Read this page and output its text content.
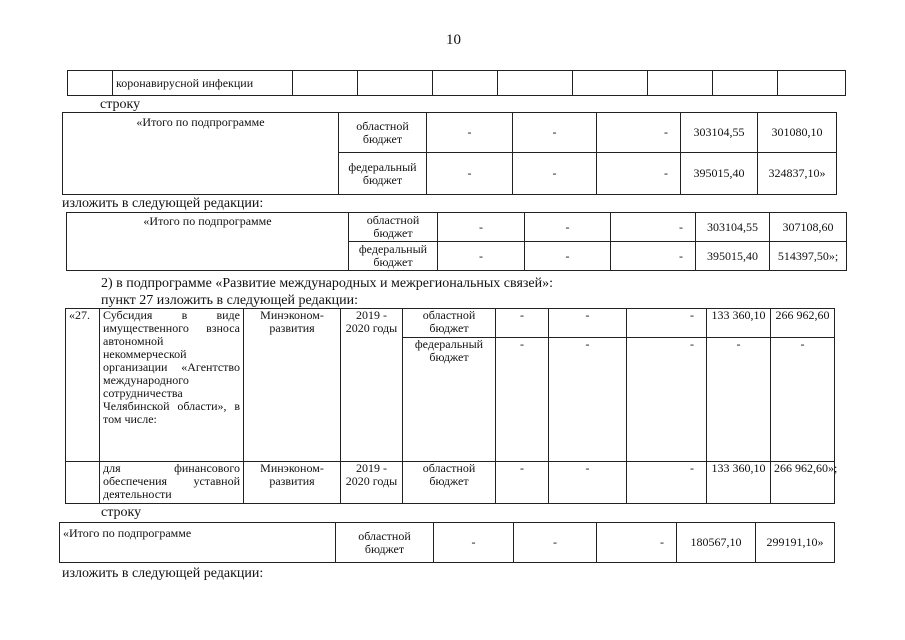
10
	коронавирусной инфекции								
строку
«Итого по подпрограмме	областной бюджет	-	-	-	303104,55	301080,10
	федеральный бюджет	-	-	-	395015,40	324837,10»
изложить в следующей редакции:
«Итого по подпрограмме	областной бюджет	-	-	-	303104,55	307108,60
	федеральный бюджет	-	-	-	395015,40	514397,50»;
2) в подпрограмме «Развитие международных и межрегиональных связей»:
пункт 27 изложить в следующей редакции:
«27.	Субсидия в виде имущественного взноса автономной некоммерческой организации «Агентство международного сотрудничества Челябинской области», в том числе:	Минэконом-развития	2019 - 2020 годы	областной бюджет	-	-	-	133 360,10	266 962,60
				федеральный бюджет	-	-	-	-	-
	для финансового обеспечения уставной деятельности	Минэконом-развития	2019 - 2020 годы	областной бюджет	-	-	-	133 360,10	266 962,60»;
строку
«Итого по подпрограмме	областной бюджет	-	-	-	180567,10	299191,10»
изложить в следующей редакции:
